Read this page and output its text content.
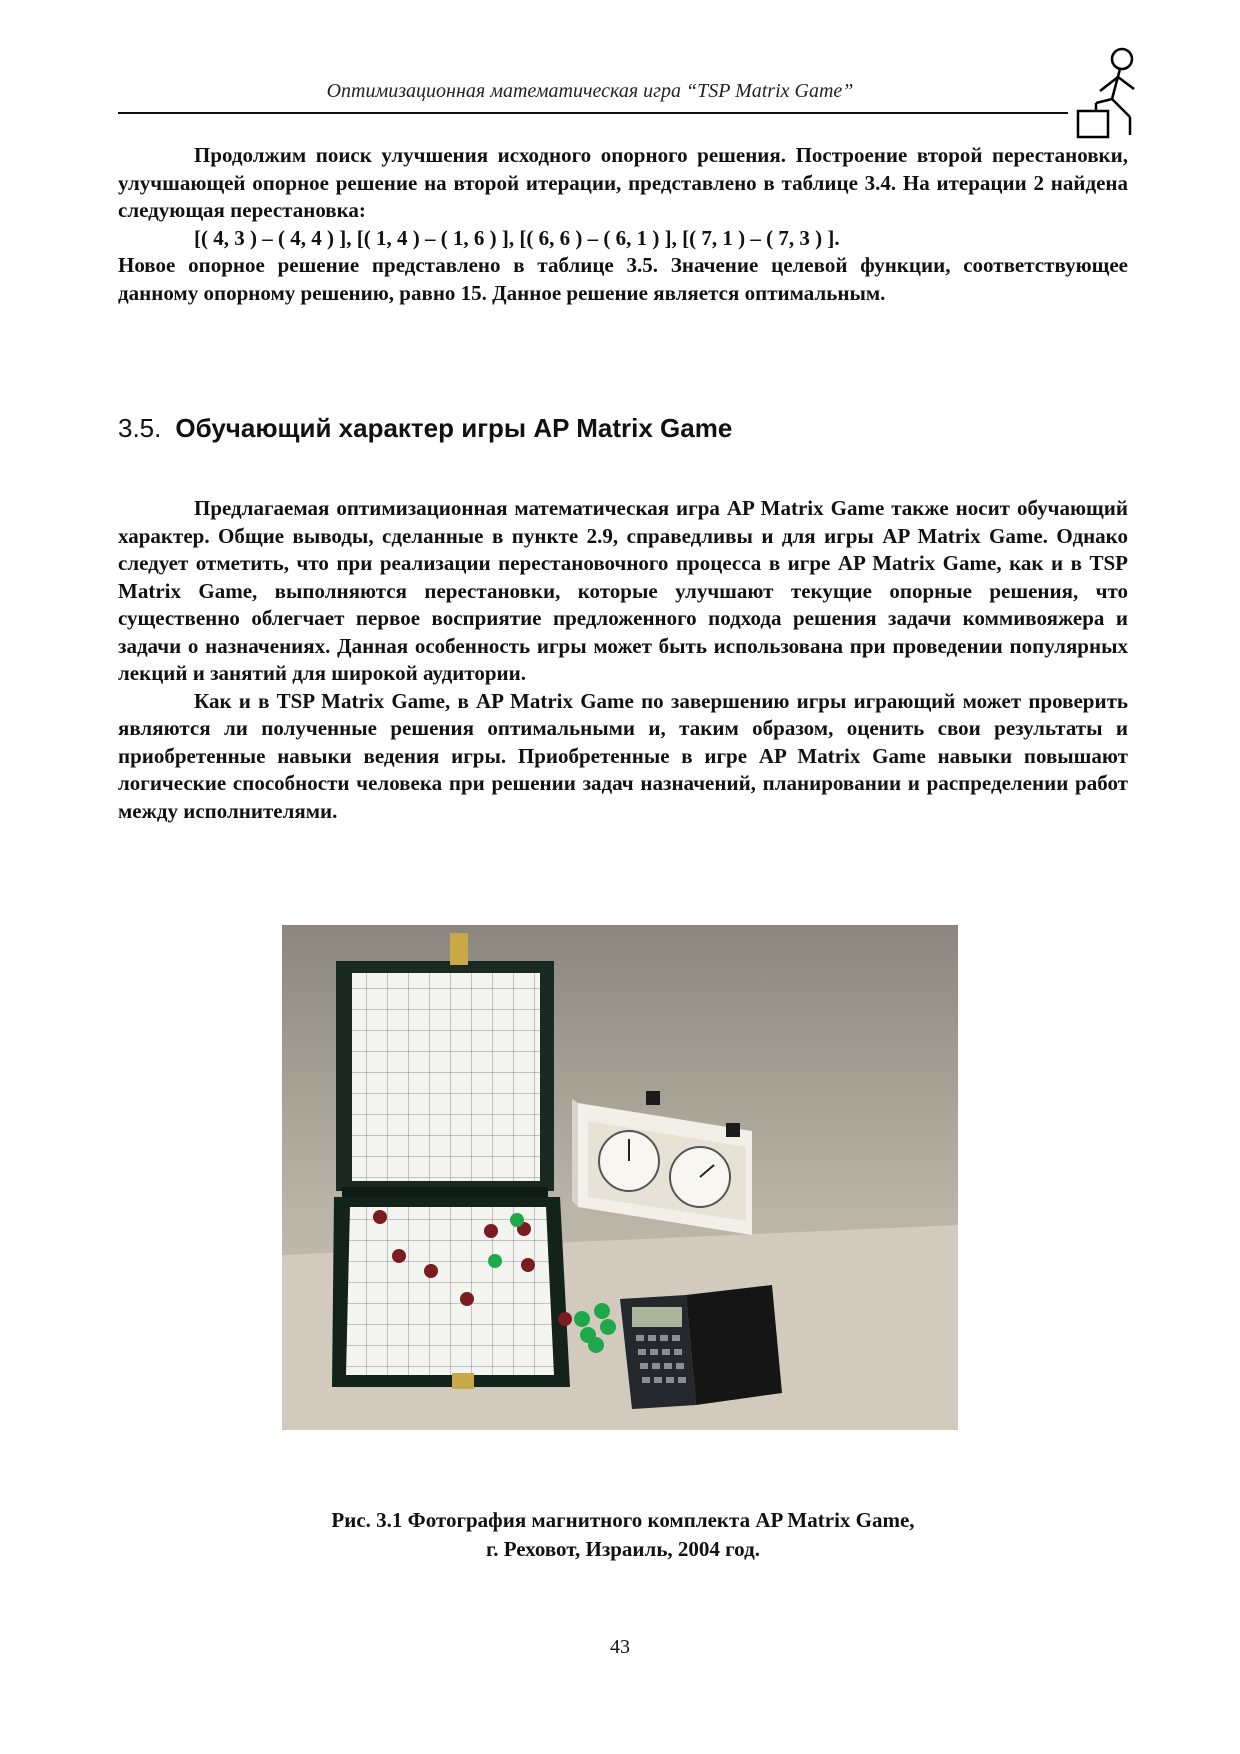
Оптимизационная математическая игра “TSP Matrix Game”

Продолжим поиск улучшения исходного опорного решения. Построение второй перестановки, улучшающей опорное решение на второй итерации, представлено в таблице 3.4. На итерации 2 найдена следующая перестановка:

[( 4, 3 ) – ( 4, 4 ) ], [( 1, 4 ) – ( 1, 6 ) ], [( 6, 6 ) – ( 6, 1 ) ], [( 7, 1 ) – ( 7, 3 ) ].

Новое опорное решение представлено в таблице 3.5. Значение целевой функции, соответствующее данному опорному решению, равно 15. Данное решение является оптимальным.

3.5. Обучающий характер игры AP Matrix Game

Предлагаемая оптимизационная математическая игра AP Matrix Game также носит обучающий характер. Общие выводы, сделанные в пункте 2.9, справедливы и для игры AP Matrix Game. Однако следует отметить, что при реализации перестановочного процесса в игре AP Matrix Game, как и в TSP Matrix Game, выполняются перестановки, которые улучшают текущие опорные решения, что существенно облегчает первое восприятие предложенного подхода решения задачи коммивояжера и задачи о назначениях. Данная особенность игры может быть использована при проведении популярных лекций и занятий для широкой аудитории.

Как и в TSP Matrix Game, в AP Matrix Game по завершению игры играющий может проверить являются ли полученные решения оптимальными и, таким образом, оценить свои результаты и приобретенные навыки ведения игры. Приобретенные в игре AP Matrix Game навыки повышают логические способности человека при решении задач назначений, планировании и распределении работ между исполнителями.

Рис. 3.1 Фотография магнитного комплекта AP Matrix Game,
г. Реховот, Израиль, 2004 год.
43
